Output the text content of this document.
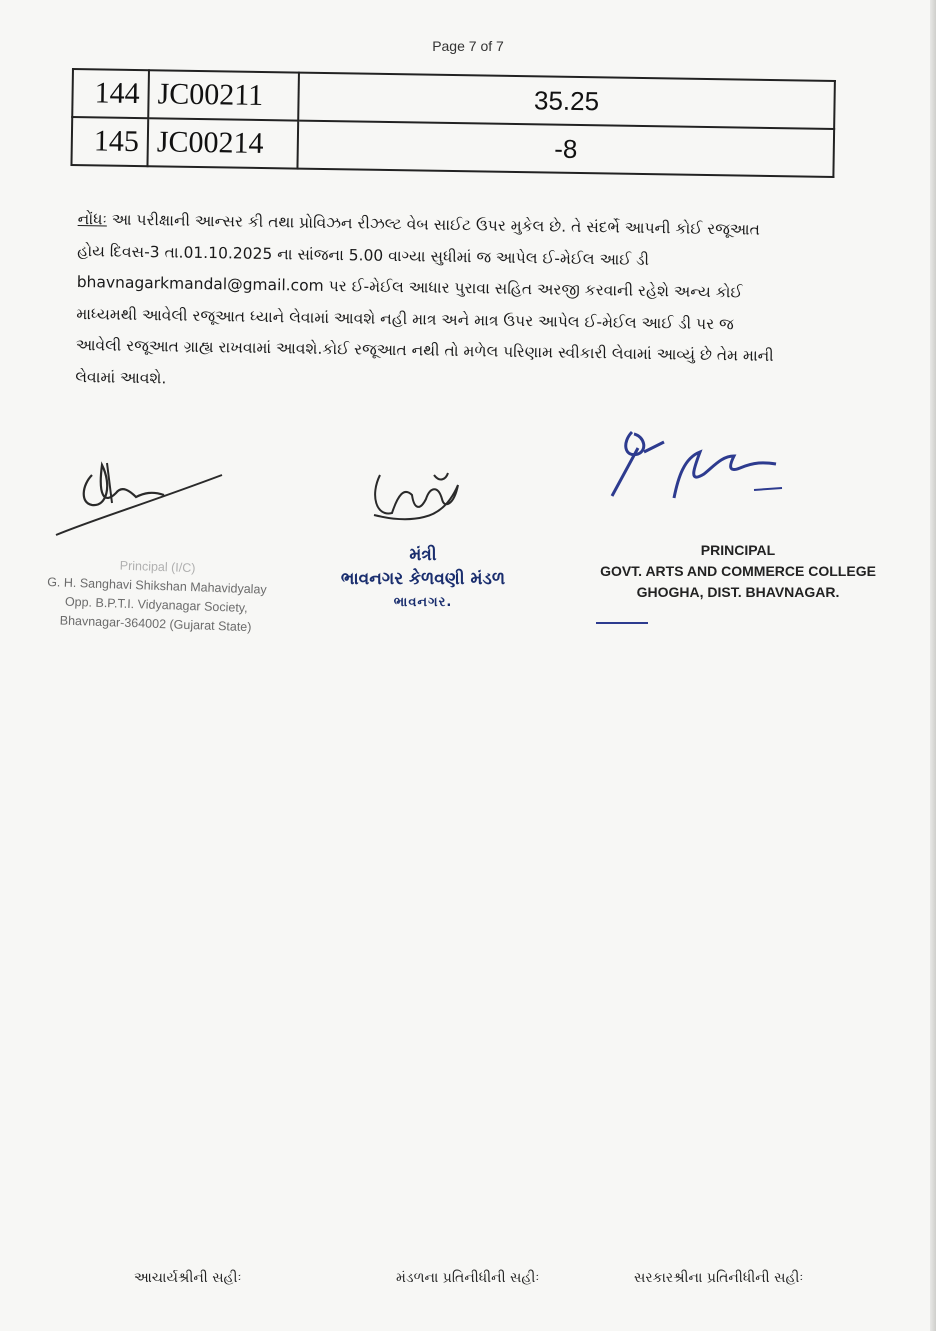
Page 7 of 7
144	JC00211	35.25
145	JC00214	-8
નોંધઃ આ પરીક્ષાની આન્સર કી તથા પ્રોવિઝન રીઝલ્ટ વેબ સાઈટ ઉપર મુકેલ છે. તે સંદર્ભે આપની કોઈ રજૂઆત હોય દિવસ-3 તા.01.10.2025 ના સાંજના 5.00 વાગ્યા સુધીમાં જ આપેલ ઈ-મેઈલ આઈ ડી bhavnagarkmandal@gmail.com પર ઈ-મેઈલ આધાર પુરાવા સહિત અરજી કરવાની રહેશે અન્ય કોઈ માધ્યમથી આવેલી રજૂઆત ધ્યાને લેવામાં આવશે નહી માત્ર અને માત્ર ઉપર આપેલ ઈ-મેઈલ આઈ ડી પર જ આવેલી રજૂઆત ગ્રાહ્ય રાખવામાં આવશે.કોઈ રજૂઆત નથી તો મળેલ પરિણામ સ્વીકારી લેવામાં આવ્યું છે તેમ માની લેવામાં આવશે.
Principal (I/C)
G. H. Sanghavi Shikshan Mahavidyalay
Opp. B.P.T.I. Vidyanagar Society,
Bhavnagar-364002 (Gujarat State)
મંત્રી
ભાવનગર કેળવણી મંડળ
ભાવનગર.
PRINCIPAL
GOVT. ARTS AND COMMERCE COLLEGE
GHOGHA, DIST. BHAVNAGAR.
આચાર્યશ્રીની સહીઃ	મંડળના પ્રતિનીધીની સહીઃ	સરકારશ્રીના પ્રતિનીધીની સહીઃ
